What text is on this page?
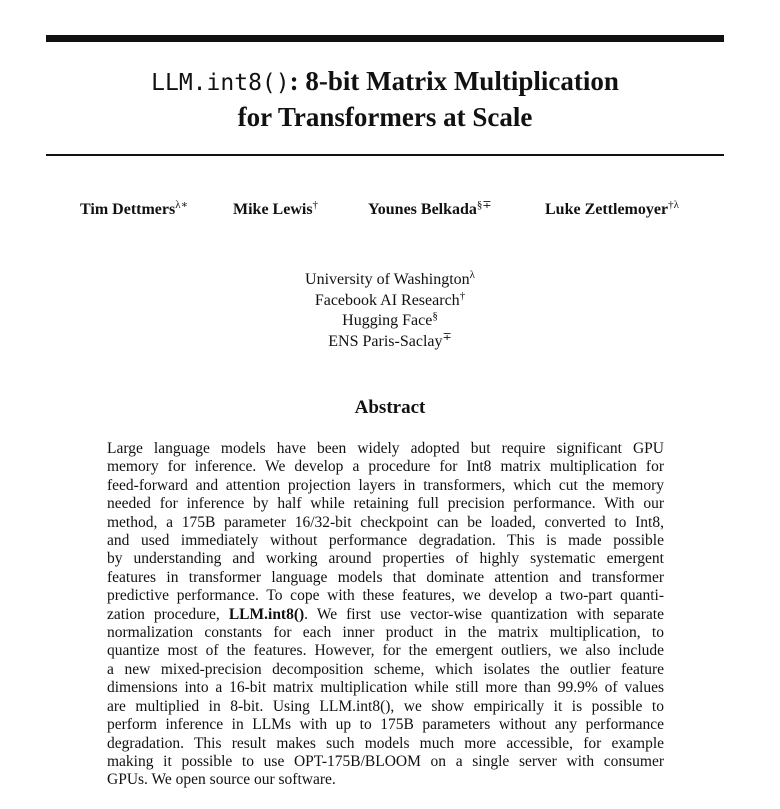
LLM.int8(): 8-bit Matrix Multiplication
for Transformers at Scale
Tim Dettmers$^{\lambda∗}$	Mike Lewis†	Younes Belkada§∓	Luke Zettlemoyer$^{\dagger\lambda}$
University of Washington$^\lambda$
Facebook AI Research†
Hugging Face§
ENS Paris-Saclay∓
Abstract
Large language models have been widely adopted but require significant GPU
memory for inference. We develop a procedure for Int8 matrix multiplication for
feed-forward and attention projection layers in transformers, which cut the memory
needed for inference by half while retaining full precision performance. With our
method, a 175B parameter 16/32-bit checkpoint can be loaded, converted to Int8,
and used immediately without performance degradation. This is made possible
by understanding and working around properties of highly systematic emergent
features in transformer language models that dominate attention and transformer
predictive performance. To cope with these features, we develop a two-part quanti-
zation procedure, LLM.int8(). We first use vector-wise quantization with separate
normalization constants for each inner product in the matrix multiplication, to
quantize most of the features. However, for the emergent outliers, we also include
a new mixed-precision decomposition scheme, which isolates the outlier feature
dimensions into a 16-bit matrix multiplication while still more than 99.9% of values
are multiplied in 8-bit. Using LLM.int8(), we show empirically it is possible to
perform inference in LLMs with up to 175B parameters without any performance
degradation. This result makes such models much more accessible, for example
making it possible to use OPT-175B/BLOOM on a single server with consumer
GPUs. We open source our software.
